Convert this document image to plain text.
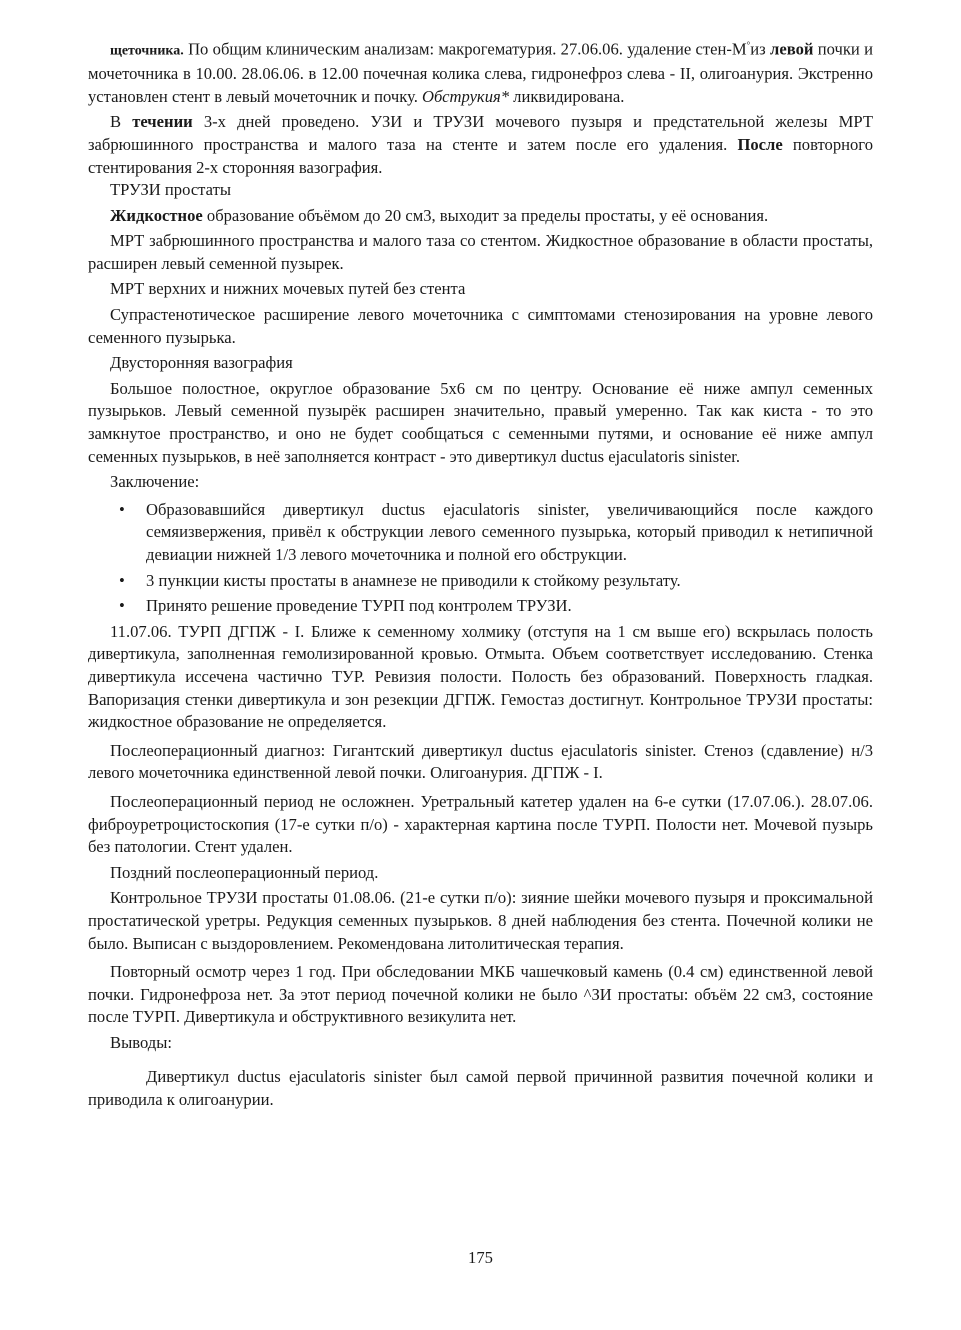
щеточника. По общим клиническим анализам: макрогематурия. 27.06.06. удаление стен-М°из левой почки и мочеточника в 10.00. 28.06.06. в 12.00 почечная колика слева, гидронефроз слева - II, олигоанурия. Экстренно установлен стент в левый мочеточник и почку. Обструкия* ликвидирована.

В течении 3-х дней проведено. УЗИ и ТРУЗИ мочевого пузыря и предстательной железы МРТ забрюшинного пространства и малого таза на стенте и затем после его удаления. После повторного стентирования 2-х сторонняя вазография.

ТРУЗИ простаты

Жидкостное образование объёмом до 20 см3, выходит за пределы простаты, у её основания.

МРТ забрюшинного пространства и малого таза со стентом. Жидкостное образование в области простаты, расширен левый семенной пузырек.

МРТ верхних и нижних мочевых путей без стента

Супрастенотическое расширение левого мочеточника с симптомами стенозирования на уровне левого семенного пузырька.

Двусторонняя вазография

Большое полостное, округлое образование 5х6 см по центру. Основание её ниже ампул семенных пузырьков. Левый семенной пузырёк расширен значительно, правый умеренно. Так как киста - то это замкнутое пространство, и оно не будет сообщаться с семенными путями, и основание её ниже ампул семенных пузырьков, в неё заполняется контраст - это дивертикул ductus ejaculatoris sinister.

Заключение:

• Образовавшийся дивертикул ductus ejaculatoris sinister, увеличивающийся после каждого семяизвержения, привёл к обструкции левого семенного пузырька, который приводил к нетипичной девиации нижней 1/3 левого мочеточника и полной его обструкции.
• 3 пункции кисты простаты в анамнезе не приводили к стойкому результату.
• Принято решение проведение ТУРП под контролем ТРУЗИ.

11.07.06. ТУРП ДГПЖ - I. Ближе к семенному холмику (отступя на 1 см выше его) вскрылась полость дивертикула, заполненная гемолизированной кровью. Отмыта. Объем соответствует исследованию. Стенка дивертикула иссечена частично ТУР. Ревизия полости. Полость без образований. Поверхность гладкая. Вапоризация стенки дивертикула и зон резекции ДГПЖ. Гемостаз достигнут. Контрольное ТРУЗИ простаты: жидкостное образование не определяется.

Послеоперационный диагноз: Гигантский дивертикул ductus ejaculatoris sinister. Стеноз (сдавление) н/3 левого мочеточника единственной левой почки. Олигоанурия. ДГПЖ - I.

Послеоперационный период не осложнен. Уретральный катетер удален на 6-е сутки (17.07.06.). 28.07.06. фиброуретроцистоскопия (17-е сутки п/о) - характерная картина после ТУРП. Полости нет. Мочевой пузырь без патологии. Стент удален.

Поздний послеоперационный период.

Контрольное ТРУЗИ простаты 01.08.06. (21-е сутки п/о): зияние шейки мочевого пузыря и проксимальной простатической уретры. Редукция семенных пузырьков. 8 дней наблюдения без стента. Почечной колики не было. Выписан с выздоровлением. Рекомендована литолитическая терапия.

Повторный осмотр через 1 год. При обследовании МКБ чашечковый камень (0.4 см) единственной левой почки. Гидронефроза нет. За этот период почечной колики не было ^ЗИ простаты: объём 22 см3, состояние после ТУРП. Дивертикула и обструктивного везикулита нет.

Выводы:

Дивертикул ductus ejaculatoris sinister был самой первой причинной развития почечной колики и приводила к олигоанурии.

175
